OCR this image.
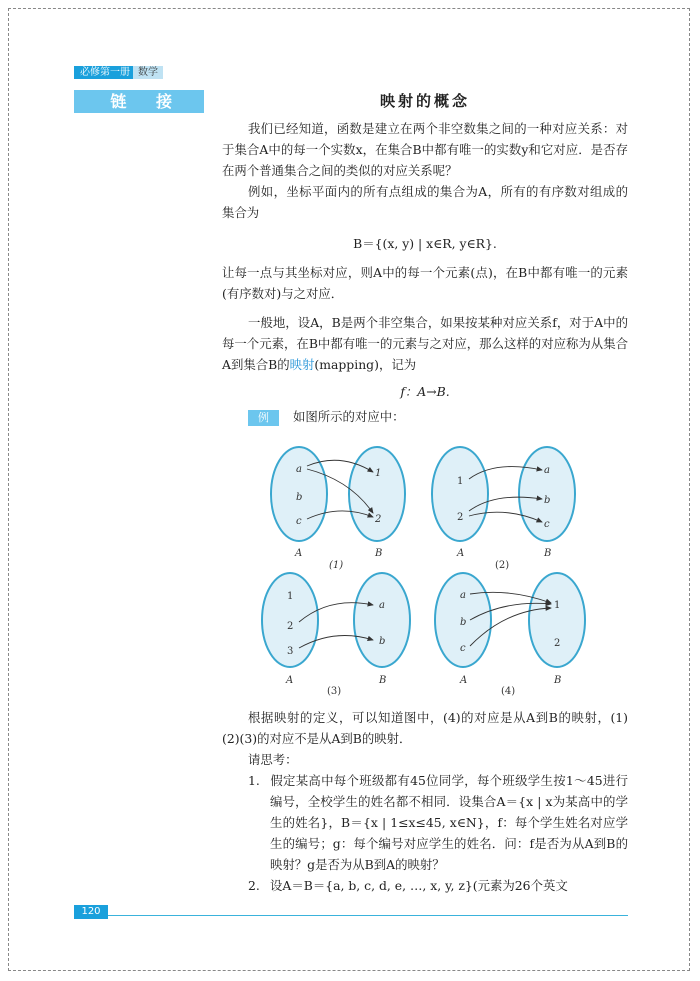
必修第一册 数学
链 接	映射的概念

我们已经知道，函数是建立在两个非空数集之间的一种对应关系：对于集合A中的每一个实数x，在集合B中都有唯一的实数y和它对应．是否存在两个普通集合之间的类似的对应关系呢？

例如，坐标平面内的所有点组成的集合为A，所有的有序数对组成的集合为

B＝{(x, y) | x∈R, y∈R}.

让每一点与其坐标对应，则A中的每一个元素(点)，在B中都有唯一的元素(有序数对)与之对应．

一般地，设A，B是两个非空集合，如果按某种对应关系f，对于A中的每一个元素，在B中都有唯一的元素与之对应，那么这样的对应称为从集合A到集合B的映射(mapping)，记为

f：A→B.

例 如图所示的对应中：

a
b
c
1
2
A	B
(1)
1
2
a
b
c
A	B
(2)
1
2
3
a
b
A	B
(3)
a
b
c
1
2
A	B
(4)

根据映射的定义，可以知道图中，(4)的对应是从A到B的映射，(1)(2)(3)的对应不是从A到B的映射．

请思考：

1. 假定某高中每个班级都有45位同学，每个班级学生按1～45进行编号，全校学生的姓名都不相同．设集合A＝{x | x为某高中的学生的姓名}，B＝{x | 1≤x≤45, x∈N}，f：每个学生姓名对应学生的编号；g：每个编号对应学生的姓名．问：f是否为从A到B的映射？g是否为从B到A的映射？

2. 设A＝B＝{a, b, c, d, e, …, x, y, z}(元素为26个英文

120
